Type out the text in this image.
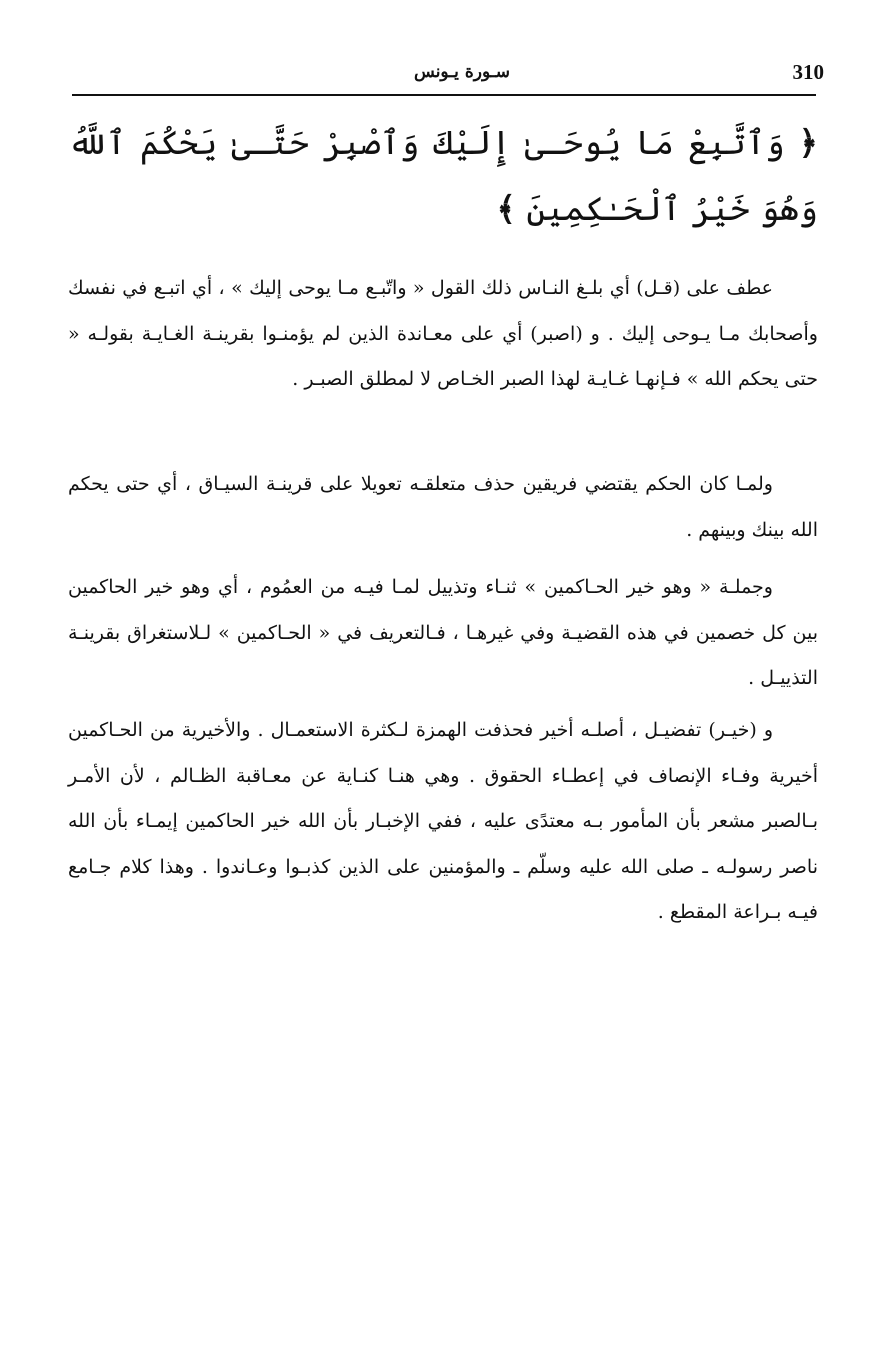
310
سـورة يـونس
﴿ وَٱتَّبِعْ مَا يُوحَـىٰ إِلَيْكَ وَٱصْبِرْ حَتَّـىٰ يَحْكُمَ ٱللَّهُ وَهُوَ خَيْرُ ٱلْحَـٰكِمِينَ ﴾

عطف على (قـل) أي بلـغ النـاس ذلك القول « واتّبـع مـا يوحى إليك » ، أي اتبـع في نفسك وأصحابك مـا يـوحى إليك . و (اصبر) أي على معـاندة الذين لم يؤمنـوا بقرينـة الغـايـة بقولـه « حتى يحكم الله » فـإنهـا غـايـة لهذا الصبر الخـاص لا لمطلق الصبـر .

ولمـا كان الحكم يقتضي فريقين حذف متعلقـه تعويلا على قرينـة السيـاق ، أي حتى يحكم الله بينك وبينهم .

وجملـة « وهو خير الحـاكمين » ثنـاء وتذييل لمـا فيـه من العمُوم ، أي وهو خير الحاكمين بين كل خصمين في هذه القضيـة وفي غيرهـا ، فـالتعريف في « الحـاكمين » لـلاستغراق بقرينـة التذييـل .

و (خيـر) تفضيـل ، أصلـه أخير فحذفت الهمزة لـكثرة الاستعمـال . والأخيرية من الحـاكمين أخيرية وفـاء الإنصاف في إعطـاء الحقوق . وهي هنـا كنـاية عن معـاقبة الظـالم ، لأن الأمـر بـالصبر مشعر بأن المأمور بـه معتدًى عليه ، ففي الإخبـار بأن الله خير الحاكمين إيمـاء بأن الله ناصر رسولـه ـ صلى الله عليه وسلّم ـ والمؤمنين على الذين كذبـوا وعـاندوا . وهذا كلام جـامع فيـه بـراعة المقطع .
